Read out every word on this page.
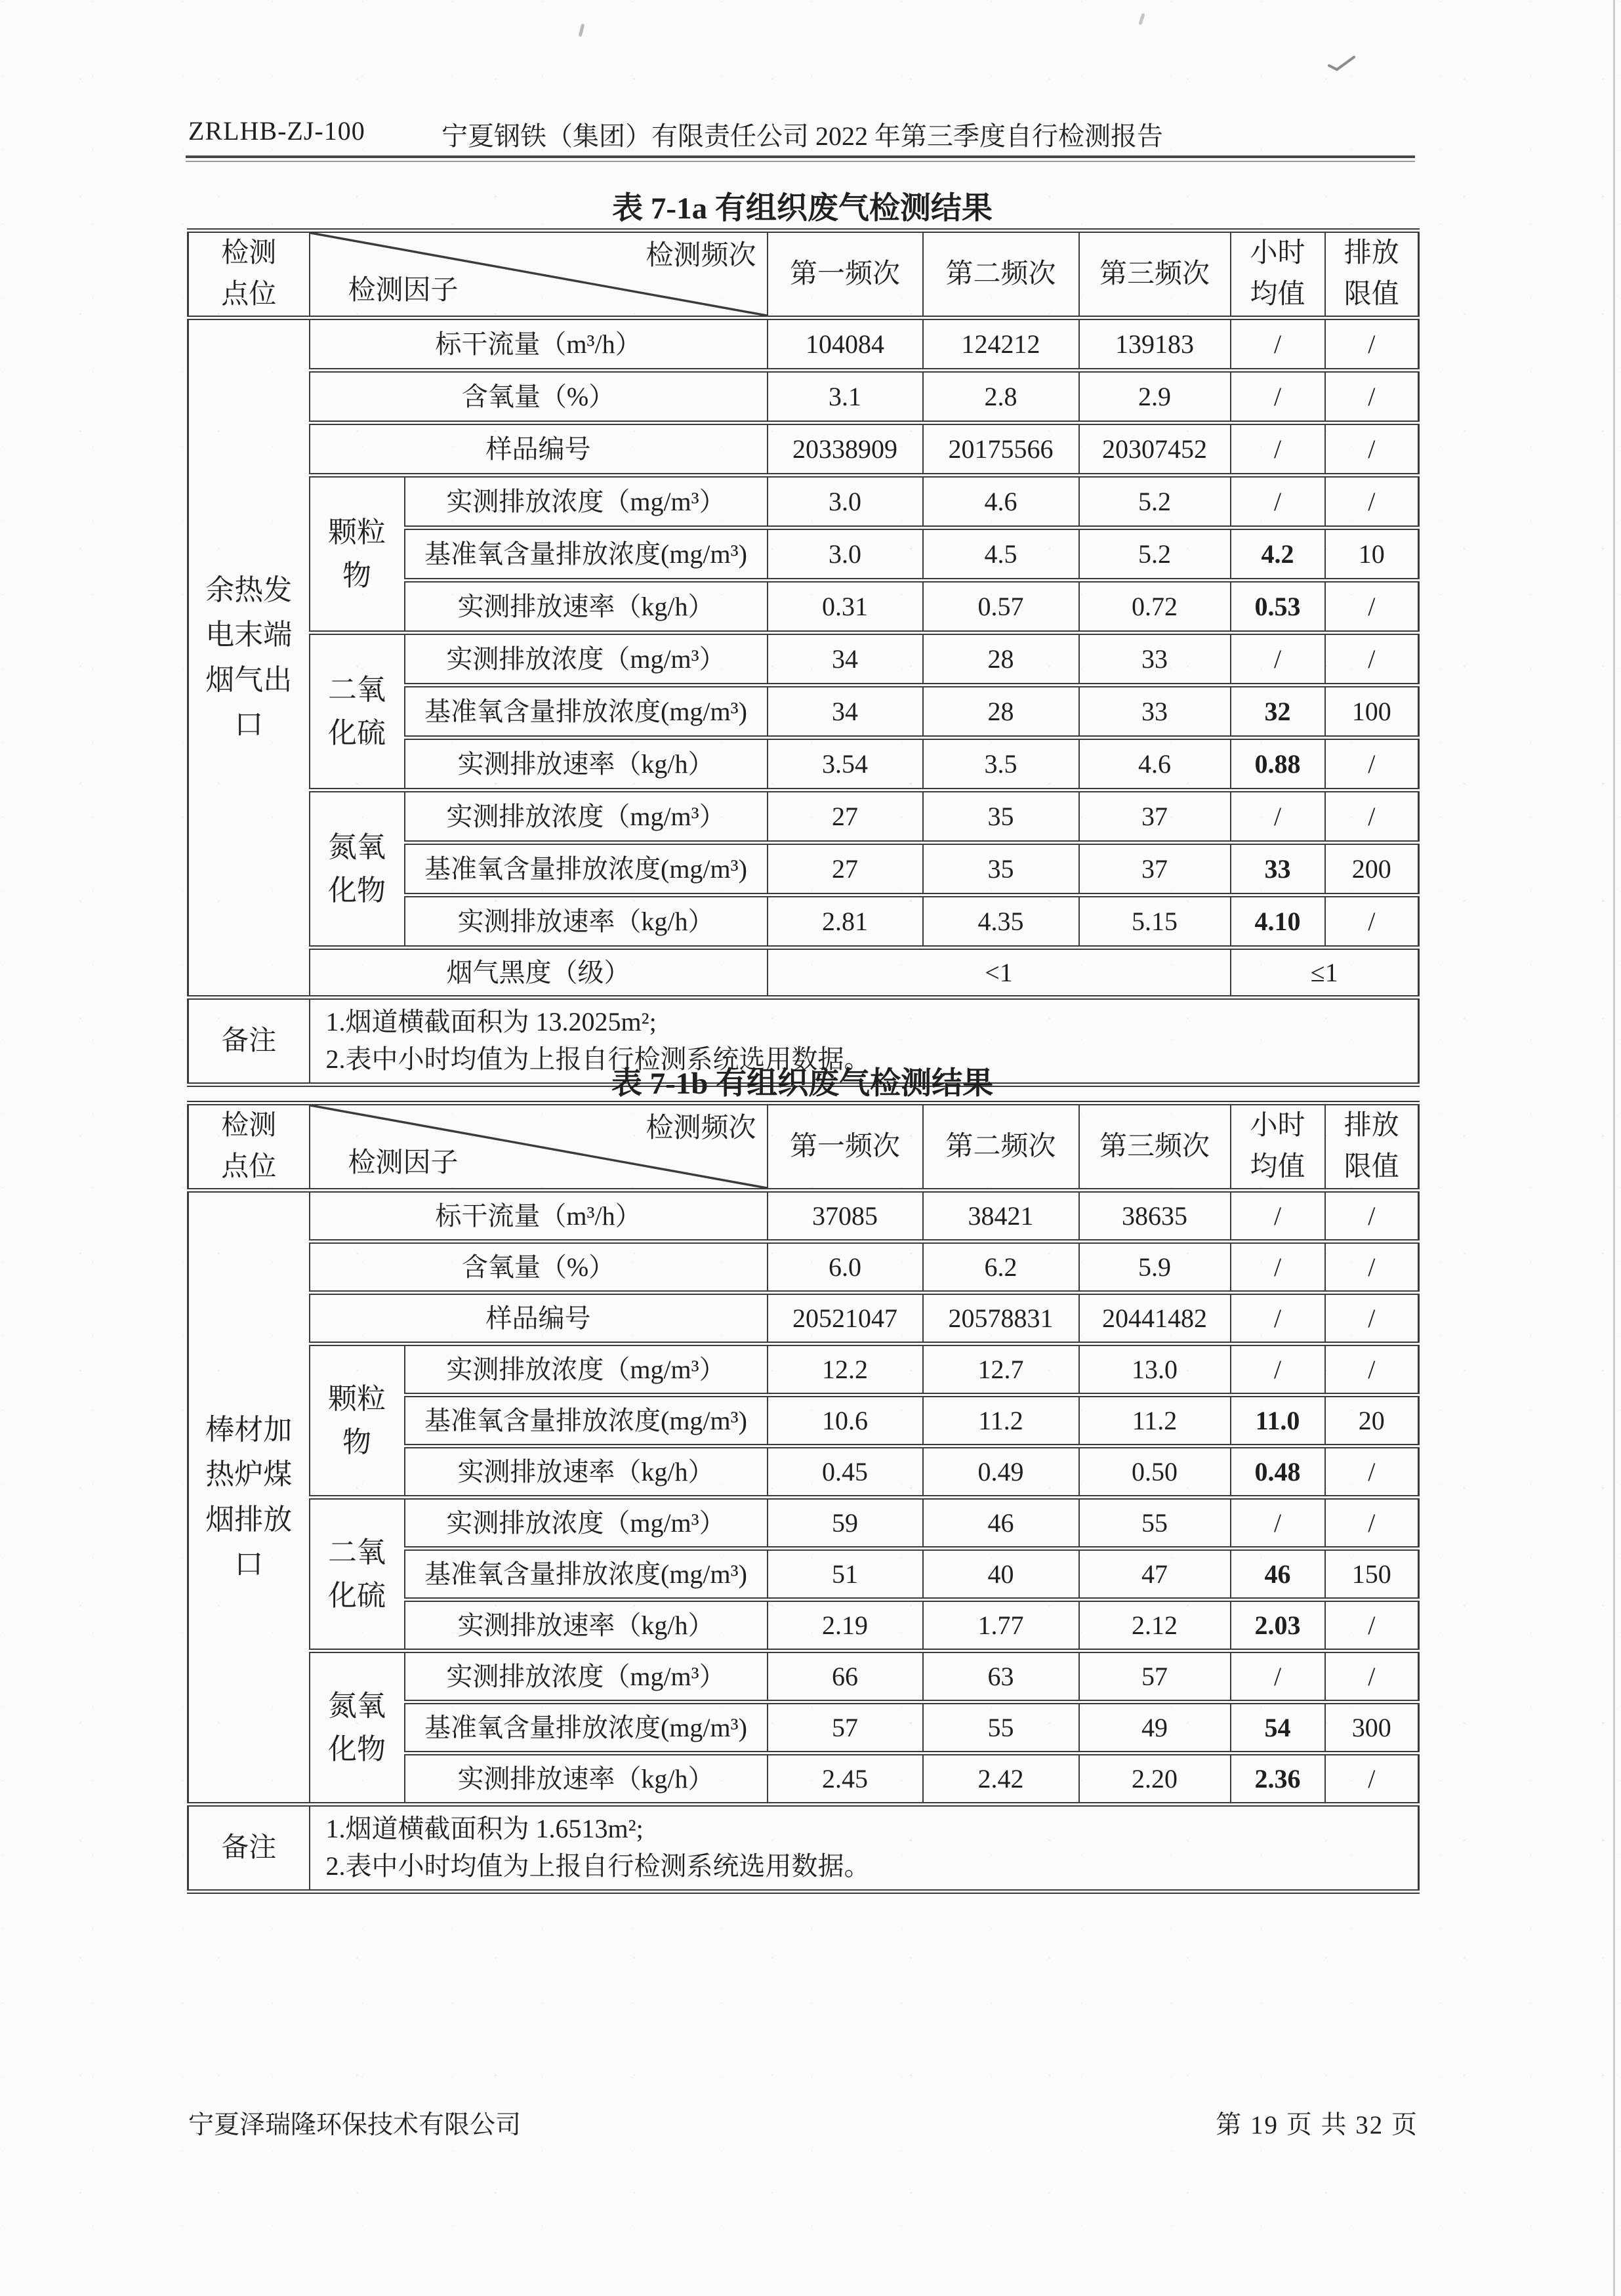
ZRLHB-ZJ-100	宁夏钢铁（集团）有限责任公司 2022 年第三季度自行检测报告
表 7-1a 有组织废气检测结果
检测点位	检测频次
检测因子		第一频次	第二频次	第三频次	小时均值	排放限值
余热发电末端烟气出口	标干流量（m³/h）		104084	124212	139183	/	/
	含氧量（%）		3.1	2.8	2.9	/	/
	样品编号		20338909	20175566	20307452	/	/
	颗粒物	实测排放浓度（mg/m³）	3.0	4.6	5.2	/	/
		基准氧含量排放浓度(mg/m³)	3.0	4.5	5.2	4.2	10
		实测排放速率（kg/h）	0.31	0.57	0.72	0.53	/
	二氧化硫	实测排放浓度（mg/m³）	34	28	33	/	/
		基准氧含量排放浓度(mg/m³)	34	28	33	32	100
		实测排放速率（kg/h）	3.54	3.5	4.6	0.88	/
	氮氧化物	实测排放浓度（mg/m³）	27	35	37	/	/
		基准氧含量排放浓度(mg/m³)	27	35	37	33	200
		实测排放速率（kg/h）	2.81	4.35	5.15	4.10	/
	烟气黑度（级）		<1			≤1	
备注	1.烟道横截面积为 13.2025m²;
2.表中小时均值为上报自行检测系统选用数据。						
表 7-1b 有组织废气检测结果
检测点位	检测频次
检测因子		第一频次	第二频次	第三频次	小时均值	排放限值
棒材加热炉煤烟排放口	标干流量（m³/h）		37085	38421	38635	/	/
	含氧量（%）		6.0	6.2	5.9	/	/
	样品编号		20521047	20578831	20441482	/	/
	颗粒物	实测排放浓度（mg/m³）	12.2	12.7	13.0	/	/
		基准氧含量排放浓度(mg/m³)	10.6	11.2	11.2	11.0	20
		实测排放速率（kg/h）	0.45	0.49	0.50	0.48	/
	二氧化硫	实测排放浓度（mg/m³）	59	46	55	/	/
		基准氧含量排放浓度(mg/m³)	51	40	47	46	150
		实测排放速率（kg/h）	2.19	1.77	2.12	2.03	/
	氮氧化物	实测排放浓度（mg/m³）	66	63	57	/	/
		基准氧含量排放浓度(mg/m³)	57	55	49	54	300
		实测排放速率（kg/h）	2.45	2.42	2.20	2.36	/
备注	1.烟道横截面积为 1.6513m²;
2.表中小时均值为上报自行检测系统选用数据。						
宁夏泽瑞隆环保技术有限公司	第 19 页 共 32 页
